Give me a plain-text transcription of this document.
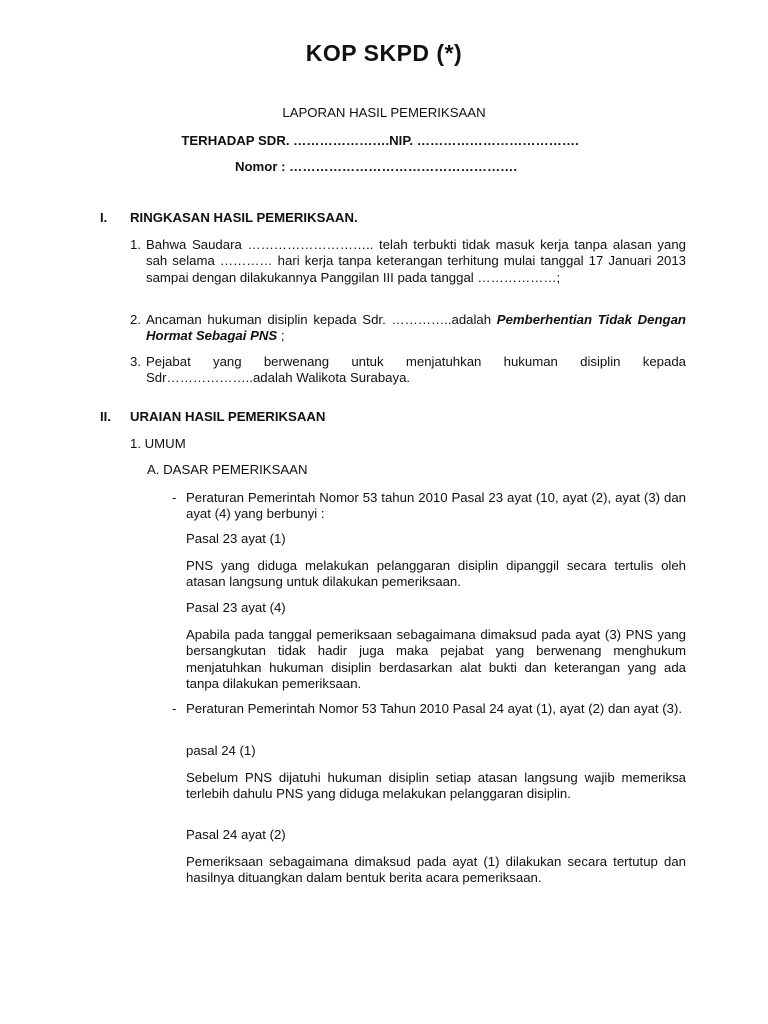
KOP SKPD (*)
LAPORAN HASIL PEMERIKSAAN
TERHADAP SDR. ………………….NIP. ……………………………….
Nomor : …………………………………………….
I. RINGKASAN HASIL PEMERIKSAAN.
1. Bahwa Saudara ……………………….. telah terbukti tidak masuk kerja tanpa alasan yang sah selama ………… hari kerja tanpa keterangan terhitung mulai tanggal 17 Januari 2013 sampai dengan dilakukannya Panggilan III pada tanggal ………………;
2. Ancaman hukuman disiplin kepada Sdr. …………..adalah Pemberhentian Tidak Dengan Hormat Sebagai PNS ;
3. Pejabat yang berwenang untuk menjatuhkan hukuman disiplin kepada Sdr………………..adalah Walikota Surabaya.
II. URAIAN HASIL PEMERIKSAAN
1. UMUM
A. DASAR PEMERIKSAAN
- Peraturan Pemerintah Nomor 53 tahun 2010 Pasal 23 ayat (10, ayat (2), ayat (3) dan ayat (4) yang berbunyi :
Pasal 23 ayat (1)
PNS yang diduga melakukan pelanggaran disiplin dipanggil secara tertulis oleh atasan langsung untuk dilakukan pemeriksaan.
Pasal 23 ayat (4)
Apabila pada tanggal pemeriksaan sebagaimana dimaksud pada ayat (3) PNS yang bersangkutan tidak hadir juga maka pejabat yang berwenang menghukum menjatuhkan hukuman disiplin berdasarkan alat bukti dan keterangan yang ada tanpa dilakukan pemeriksaan.
- Peraturan Pemerintah Nomor 53 Tahun 2010 Pasal 24 ayat (1), ayat (2) dan ayat (3).
pasal 24 (1)
Sebelum PNS dijatuhi hukuman disiplin setiap atasan langsung wajib memeriksa terlebih dahulu PNS yang diduga melakukan pelanggaran disiplin.
Pasal 24 ayat (2)
Pemeriksaan sebagaimana dimaksud pada ayat (1) dilakukan secara tertutup dan hasilnya dituangkan dalam bentuk berita acara pemeriksaan.
